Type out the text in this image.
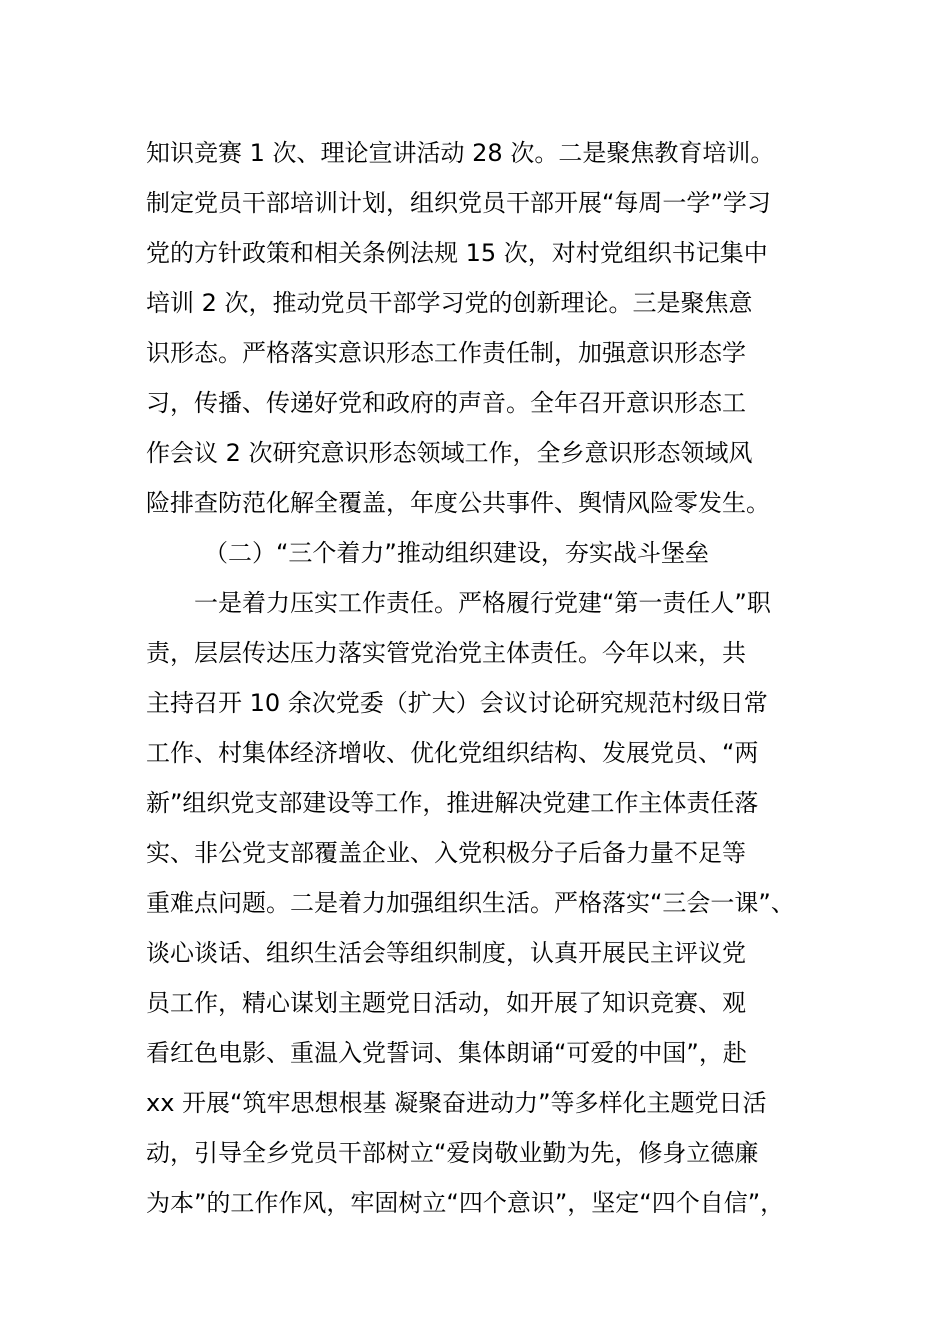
知识竞赛 1 次、理论宣讲活动 28 次。二是聚焦教育培训。
制定党员干部培训计划，组织党员干部开展“每周一学”学习
党的方针政策和相关条例法规 15 次，对村党组织书记集中
培训 2 次，推动党员干部学习党的创新理论。三是聚焦意
识形态。严格落实意识形态工作责任制，加强意识形态学
习，传播、传递好党和政府的声音。全年召开意识形态工
作会议 2 次研究意识形态领域工作，全乡意识形态领域风
险排查防范化解全覆盖，年度公共事件、舆情风险零发生。
（二）“三个着力”推动组织建设，夯实战斗堡垒
一是着力压实工作责任。严格履行党建“第一责任人”职
责，层层传达压力落实管党治党主体责任。今年以来，共
主持召开 10 余次党委（扩大）会议讨论研究规范村级日常
工作、村集体经济增收、优化党组织结构、发展党员、“两
新”组织党支部建设等工作，推进解决党建工作主体责任落
实、非公党支部覆盖企业、入党积极分子后备力量不足等
重难点问题。二是着力加强组织生活。严格落实“三会一课”、
谈心谈话、组织生活会等组织制度，认真开展民主评议党
员工作，精心谋划主题党日活动，如开展了知识竞赛、观
看红色电影、重温入党誓词、集体朗诵“可爱的中国”，赴
xx 开展“筑牢思想根基 凝聚奋进动力”等多样化主题党日活
动，引导全乡党员干部树立“爱岗敬业勤为先，修身立德廉
为本”的工作作风，牢固树立“四个意识”，坚定“四个自信”，
